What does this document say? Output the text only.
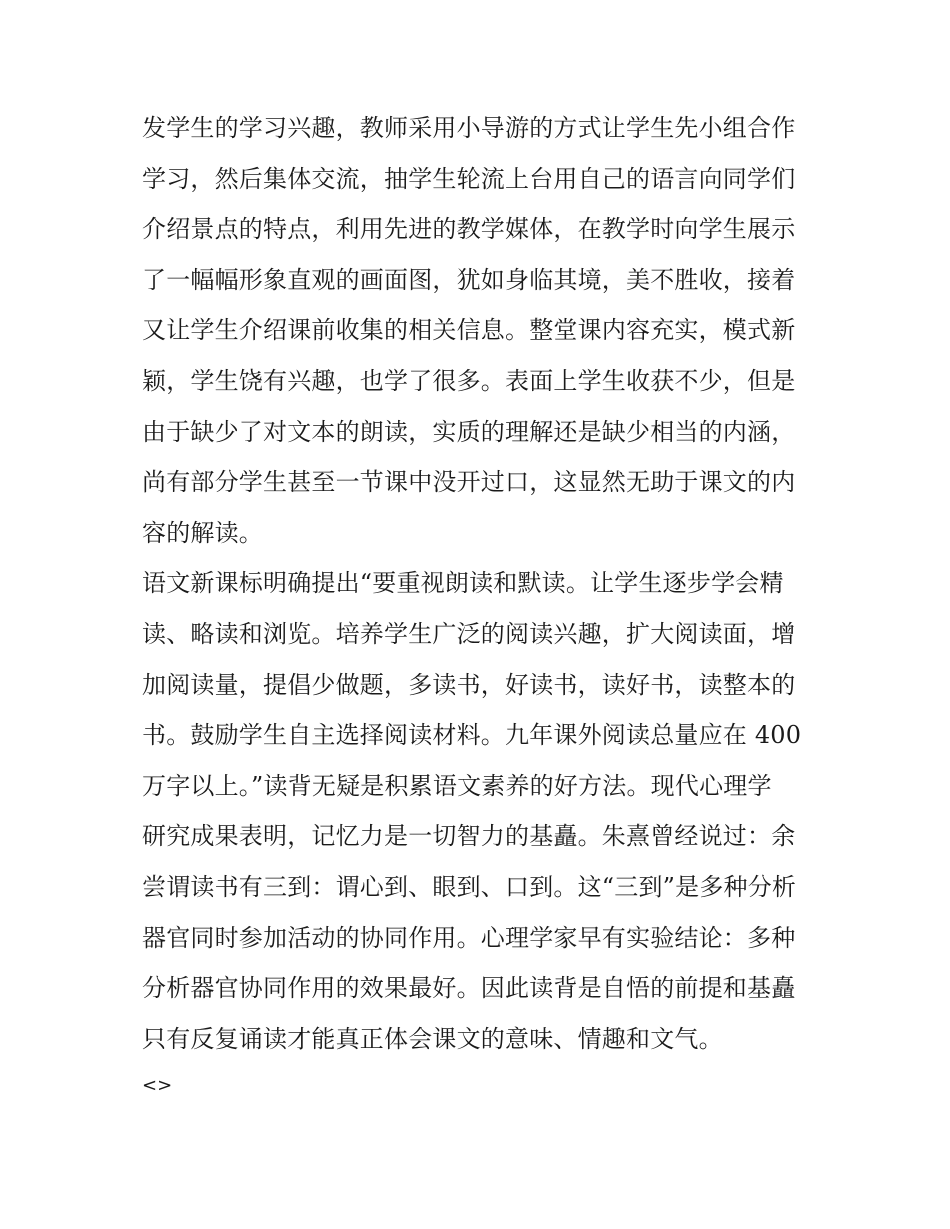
发学生的学习兴趣，教师采用小导游的方式让学生先小组合作
学习，然后集体交流，抽学生轮流上台用自己的语言向同学们
介绍景点的特点，利用先进的教学媒体，在教学时向学生展示
了一幅幅形象直观的画面图，犹如身临其境，美不胜收，接着
又让学生介绍课前收集的相关信息。整堂课内容充实，模式新
颖，学生饶有兴趣，也学了很多。表面上学生收获不少，但是
由于缺少了对文本的朗读，实质的理解还是缺少相当的内涵，
尚有部分学生甚至一节课中没开过口，这显然无助于课文的内
容的解读。
语文新课标明确提出“要重视朗读和默读。让学生逐步学会精
读、略读和浏览。培养学生广泛的阅读兴趣，扩大阅读面，增
加阅读量，提倡少做题，多读书，好读书，读好书，读整本的
书。鼓励学生自主选择阅读材料。九年课外阅读总量应在 400
万字以上。”读背无疑是积累语文素养的好方法。现代心理学
研究成果表明，记忆力是一切智力的基矗。朱熹曾经说过：余
尝谓读书有三到：谓心到、眼到、口到。这“三到”是多种分析
器官同时参加活动的协同作用。心理学家早有实验结论：多种
分析器官协同作用的效果最好。因此读背是自悟的前提和基矗
只有反复诵读才能真正体会课文的意味、情趣和文气。
<>
